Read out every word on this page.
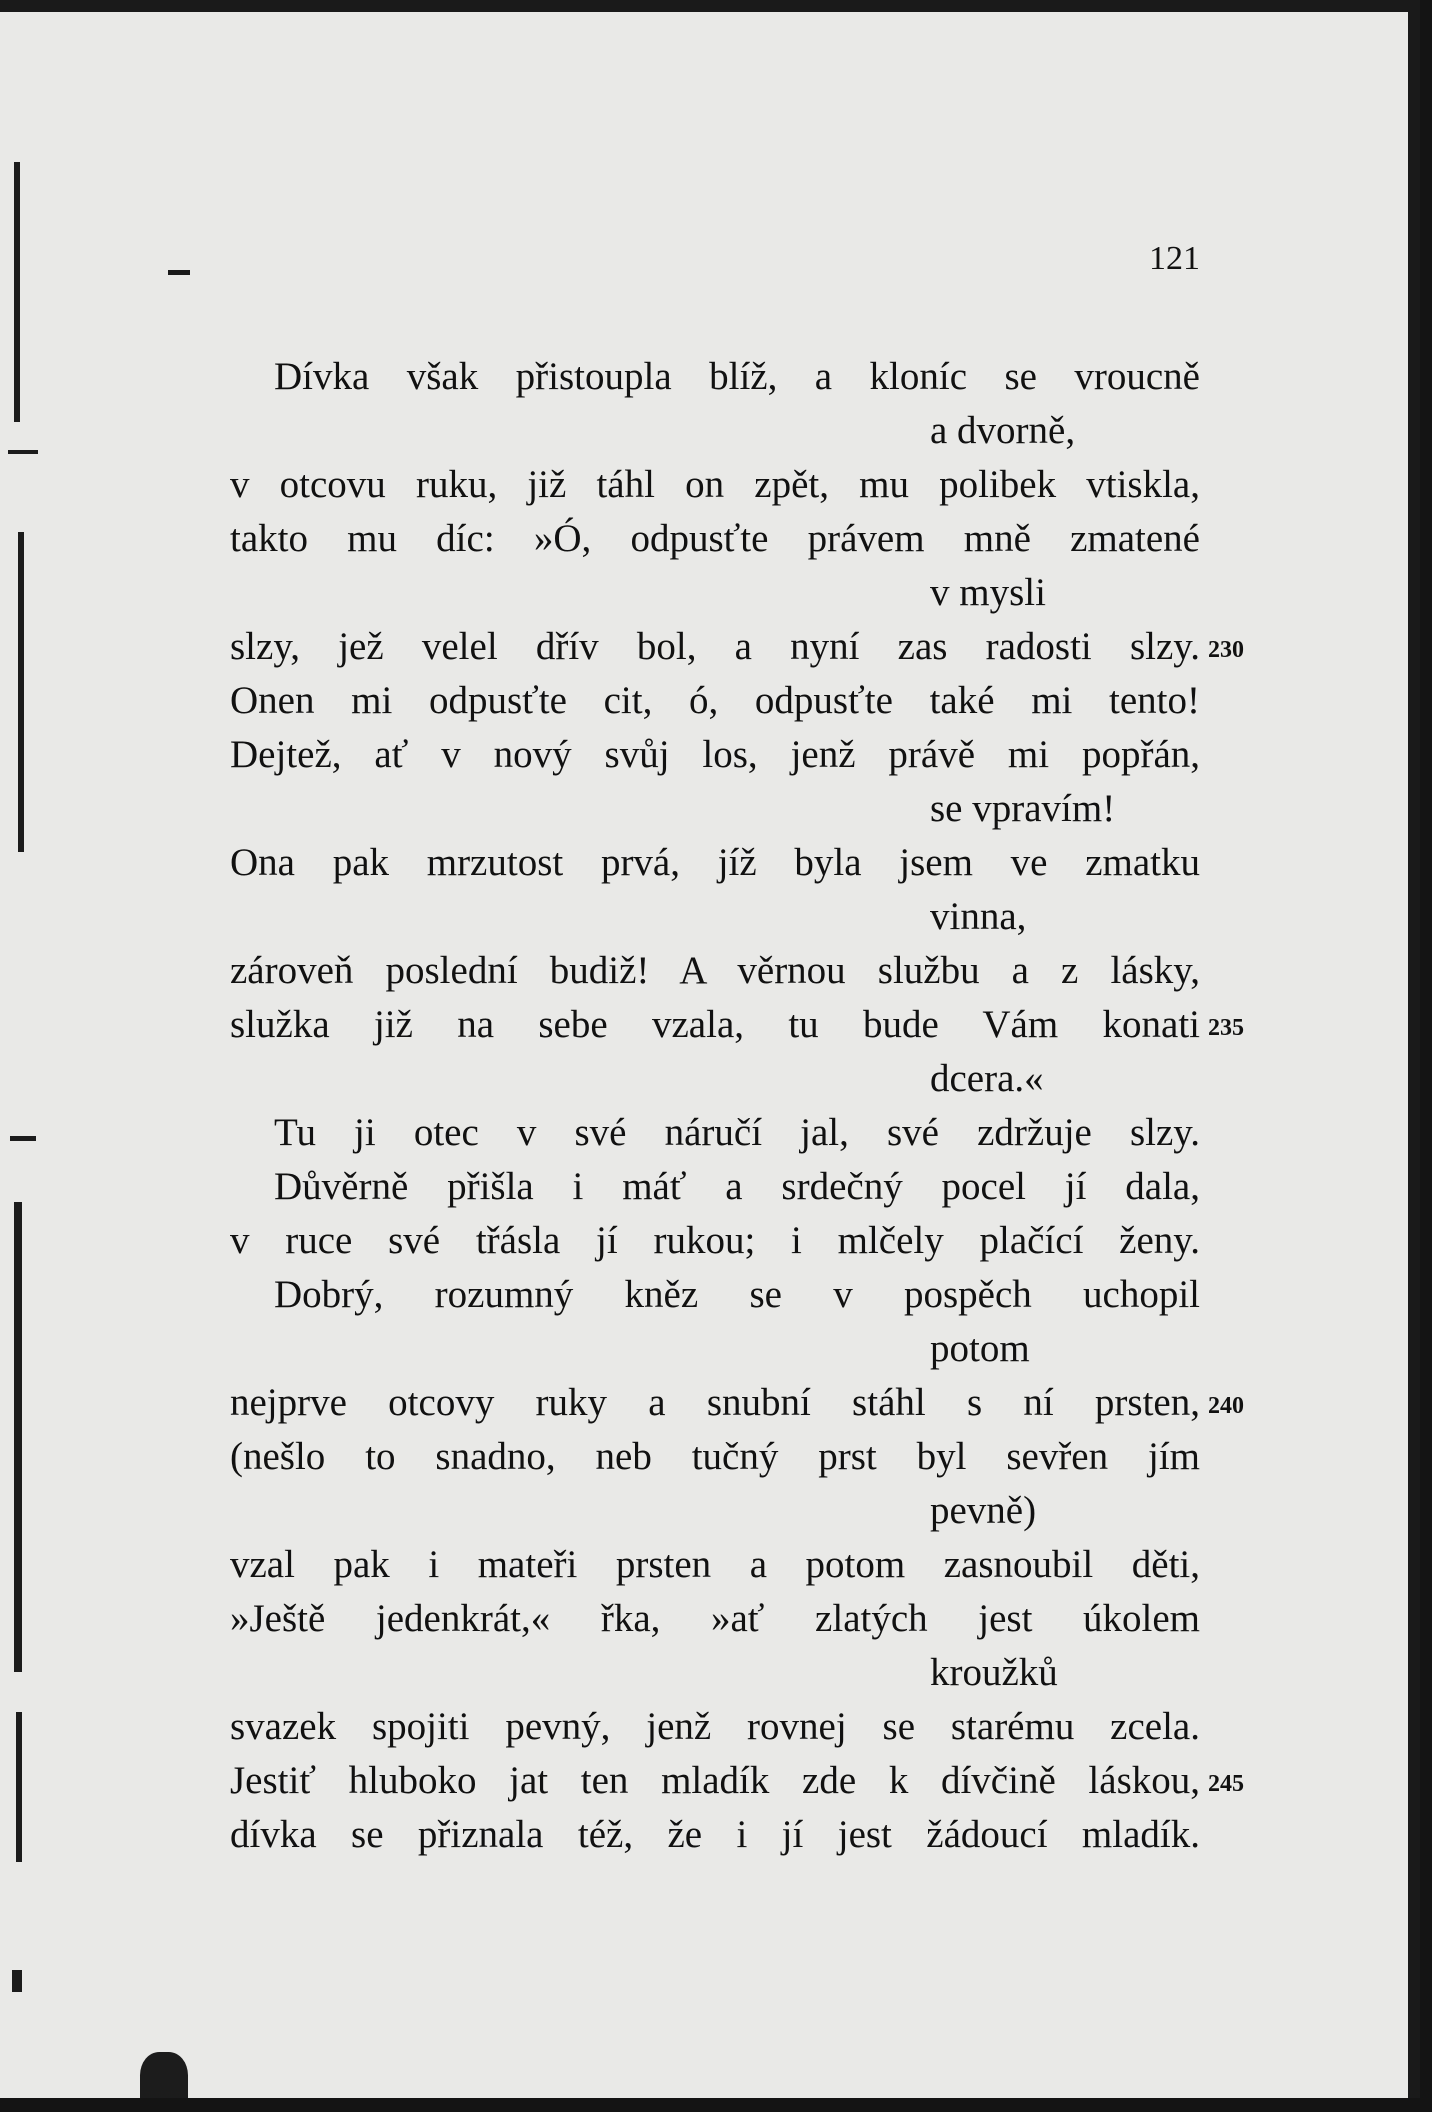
121
Dívka však přistoupla blíž, a kloníc se vroucně
a dvorně,
v otcovu ruku, již táhl on zpět, mu polibek vtiskla,
takto mu díc: »Ó, odpusťte právem mně zmatené
v mysli
slzy, jež velel dřív bol, a nyní zas radosti slzy. 230
Onen mi odpusťte cit, ó, odpusťte také mi tento!
Dejtež, ať v nový svůj los, jenž právě mi popřán,
se vpravím!
Ona pak mrzutost prvá, jíž byla jsem ve zmatku
vinna,
zároveň poslední budiž! A věrnou službu a z lásky,
služka již na sebe vzala, tu bude Vám konati 235
dcera.«
Tu ji otec v své náručí jal, své zdržuje slzy.
Důvěrně přišla i máť a srdečný pocel jí dala,
v ruce své třásla jí rukou; i mlčely plačící ženy.
Dobrý, rozumný kněz se v pospěch uchopil
potom
nejprve otcovy ruky a snubní stáhl s ní prsten, 240
(nešlo to snadno, neb tučný prst byl sevřen jím
pevně)
vzal pak i mateři prsten a potom zasnoubil děti,
»Ještě jedenkrát,« řka, »ať zlatých jest úkolem
kroužků
svazek spojiti pevný, jenž rovnej se starému zcela.
Jestiť hluboko jat ten mladík zde k dívčině láskou, 245
dívka se přiznala též, že i jí jest žádoucí mladík.
